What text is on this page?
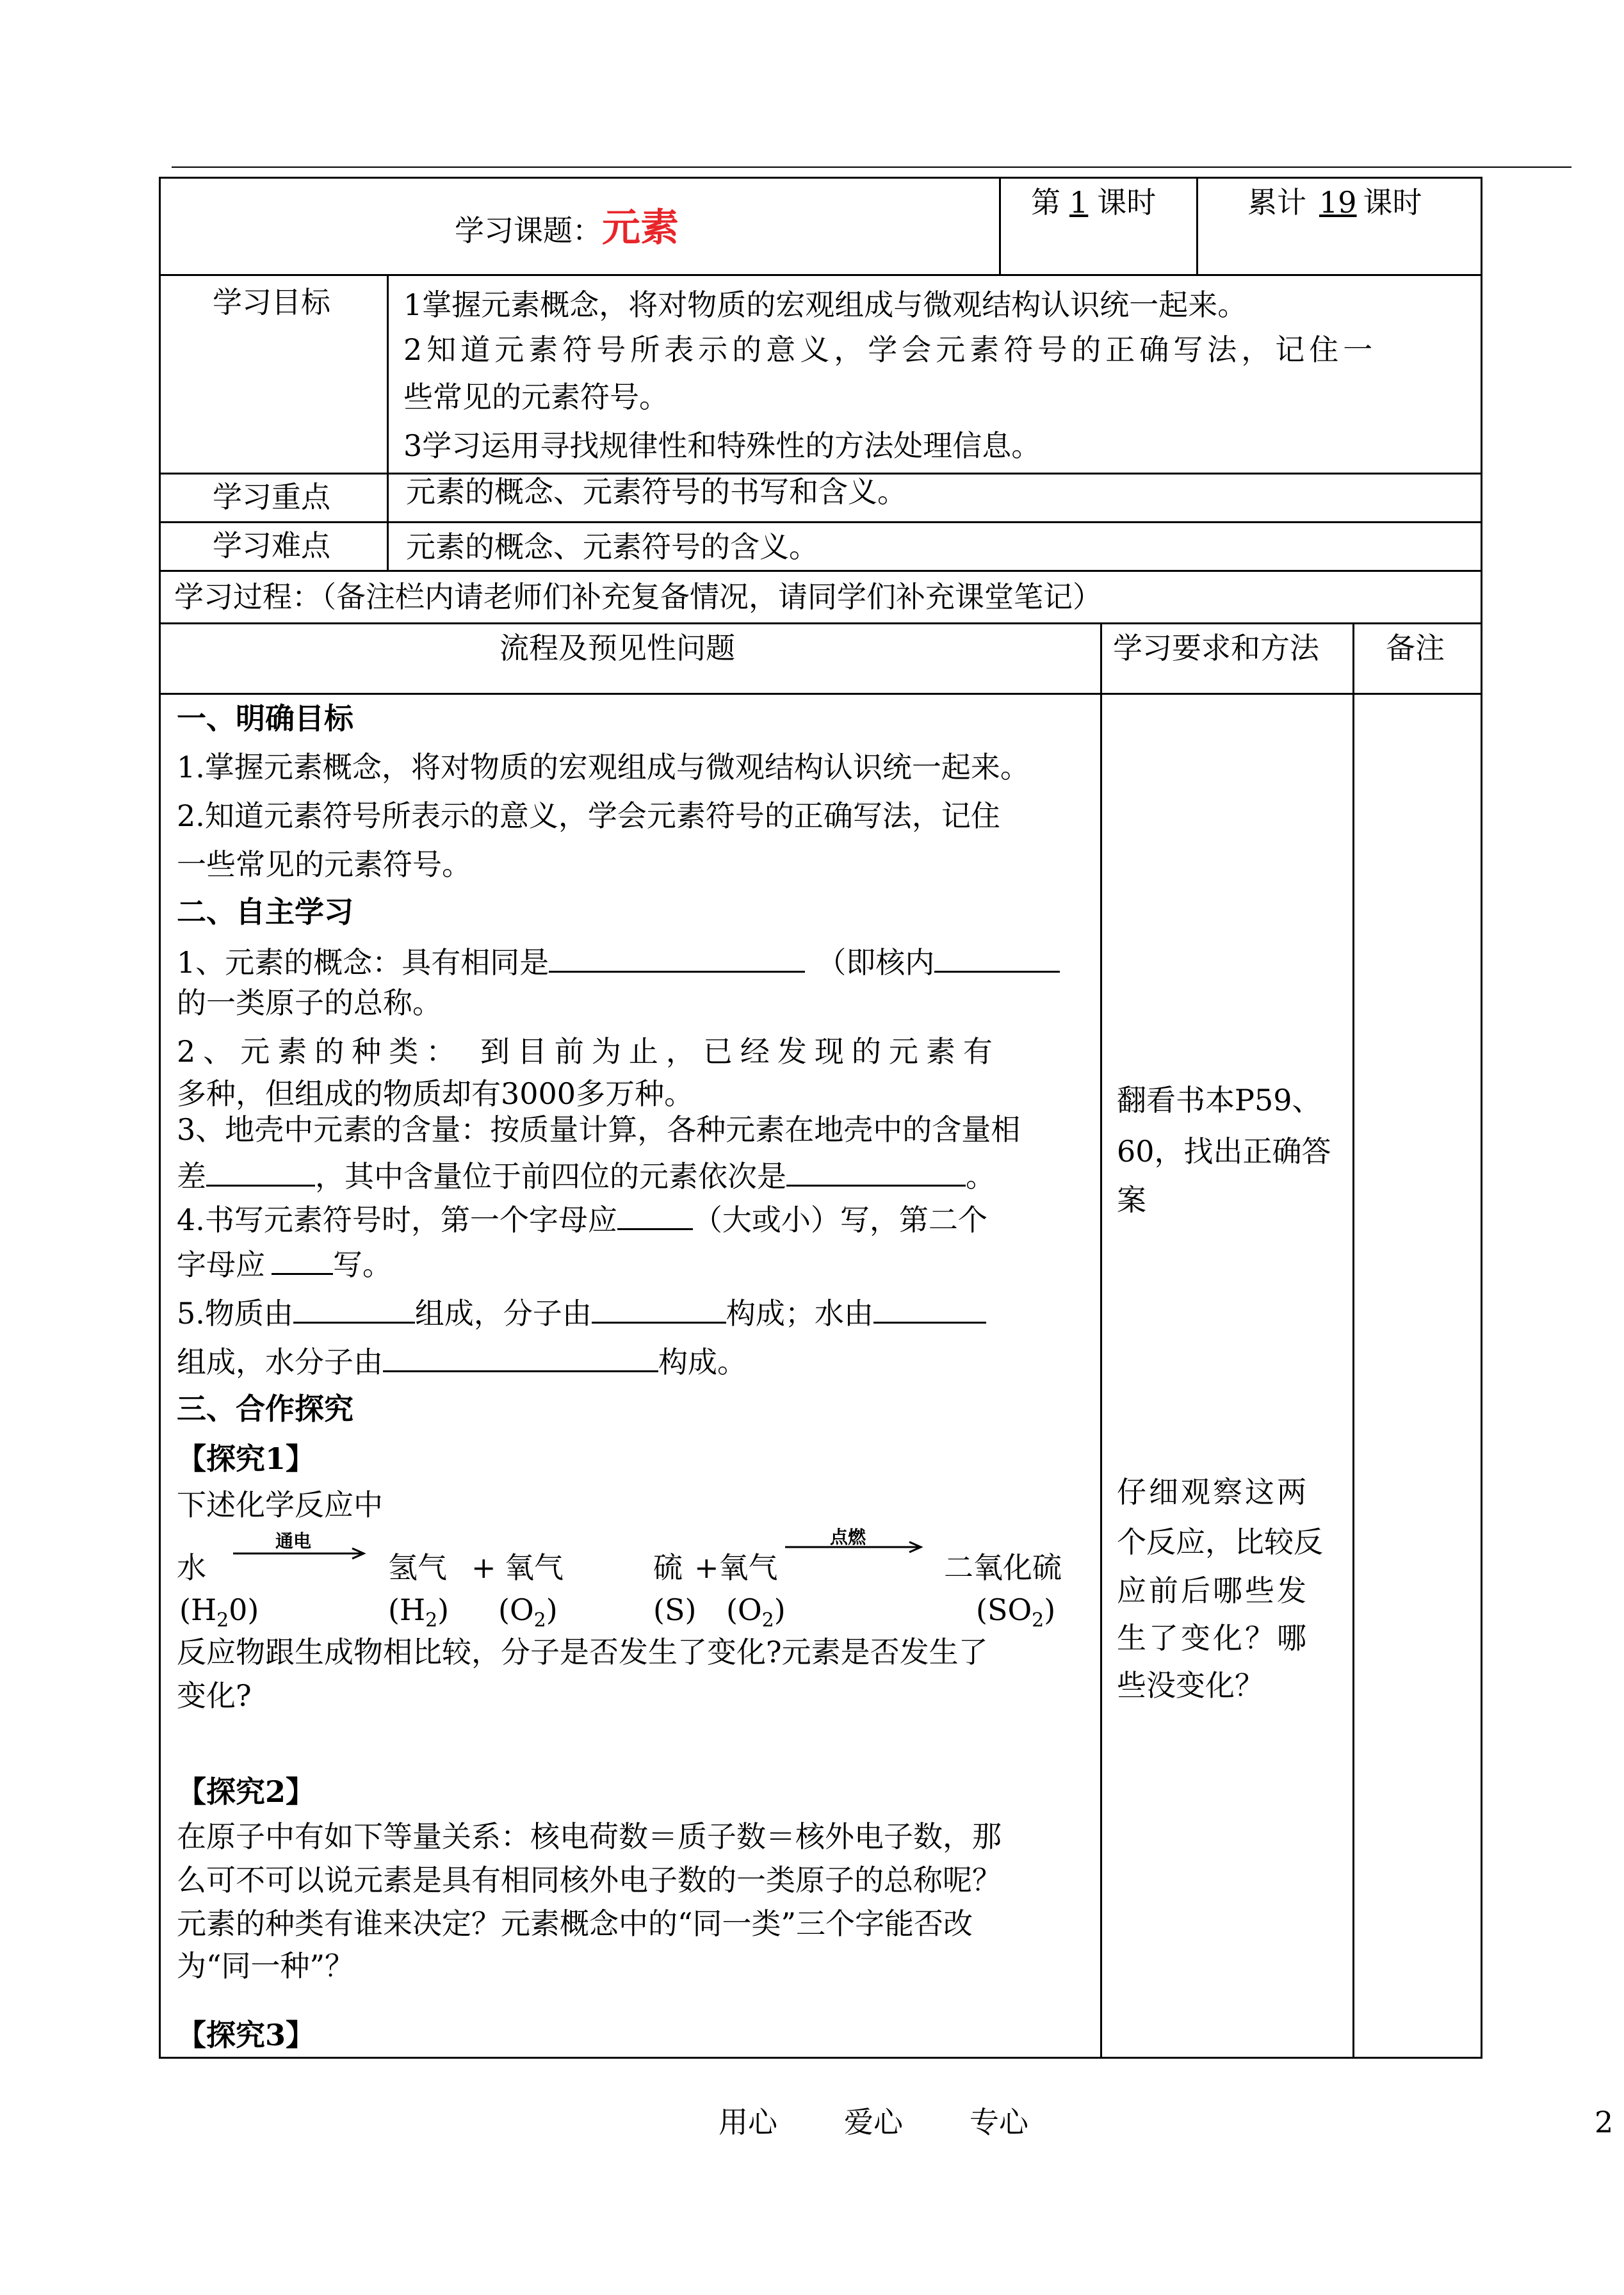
学习课题：元素
第 1 课时	累计 19 课时
学习目标 1掌握元素概念，将对物质的宏观组成与微观结构认识统一起来。
2知道元素符号所表示的意义，学会元素符号的正确写法，记住一
些常见的元素符号。
3学习运用寻找规律性和特殊性的方法处理信息。
学习重点	元素的概念、元素符号的书写和含义。
学习难点	元素的概念、元素符号的含义。
学习过程：（备注栏内请老师们补充复备情况，请同学们补充课堂笔记）
流程及预见性问题	学习要求和方法 备注
一、明确目标
1.掌握元素概念，将对物质的宏观组成与微观结构认识统一起来。
2.知道元素符号所表示的意义，学会元素符号的正确写法，记住
一些常见的元素符号。
二、自主学习
1、元素的概念：具有相同是	（即核内
的一类原子的总称。
2、元素的种类： 到目前为止，已经发现的元素有
多种，但组成的物质却有3000多万种。
3、地壳中元素的含量：按质量计算，各种元素在地壳中的含量相
差	，其中含量位于前四位的元素依次是	。
4.书写元素符号时，第一个字母应	（大或小）写，第二个
字母应 写。
5.物质由	组成，分子由	构成；水由
组成，水分子由	构成。
三、合作探究
【探究1】
下述化学反应中
水
通电
氢气 + 氧气	硫 +氧气
点燃
二氧化硫
$(H_20)$	$(H_2)$ $(O_2)$	(S) $(O_2)$	$(SO_2)$
反应物跟生成物相比较，分子是否发生了变化?元素是否发生了
变化?
【探究2】
在原子中有如下等量关系：核电荷数＝质子数＝核外电子数，那
么可不可以说元素是具有相同核外电子数的一类原子的总称呢？
元素的种类有谁来决定？元素概念中的“同一类”三个字能否改
为“同一种”？
【探究3】
翻看书本P59、
60，找出正确答
案
仔细观察这两
个反应，比较反
应前后哪些发
生了变化？哪
些没变化？
用心 爱心 专心	2
